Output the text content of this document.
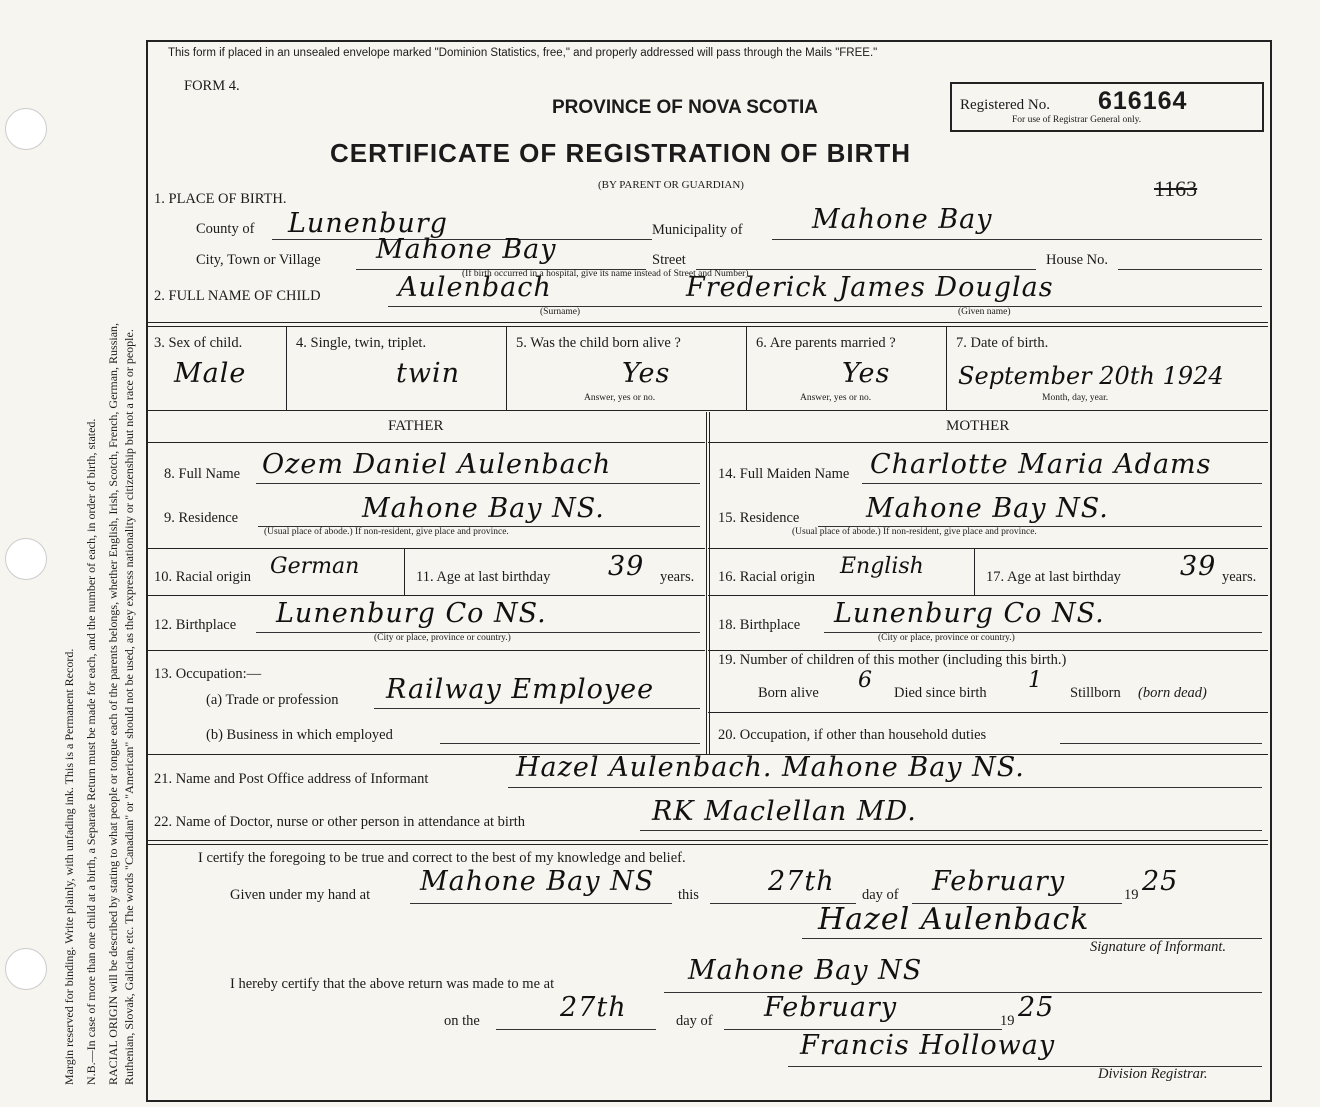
Margin reserved for binding. Write plainly, with unfading ink. This is a Permanent Record. N.B.—In case of more than one child at a birth, a Separate Return must be made for each, and the number of each, in order of birth, stated. RACIAL ORIGIN will be described by stating to what people or tongue each of the parents belongs, whether English, Irish, Scotch, French, German, Russian, Ruthenian, Slovak, Galician, etc. The words "Canadian" or "American" should not be used, as they express nationality or citizenship but not a race or people.
This form if placed in an unsealed envelope marked "Dominion Statistics, free," and properly addressed will pass through the Mails "FREE."
FORM 4.
PROVINCE OF NOVA SCOTIA
CERTIFICATE OF REGISTRATION OF BIRTH
(BY PARENT OR GUARDIAN)
Registered No. 616164
For use of Registrar General only.
1163
1. PLACE OF BIRTH.
County of Lunenburg	Municipality of	Mahone Bay
City, Town or Village Mahone Bay	Street	House No.
(If birth occurred in a hospital, give its name instead of Street and Number)
2. FULL NAME OF CHILD	Aulenbach	Frederick James Douglas
(Surname)	(Given name)
3. Sex of child.	4. Single, twin, triplet.	5. Was the child born alive ?	6. Are parents married ?	7. Date of birth.
Male	twin	Yes	Yes	September 20th 1924
Answer, yes or no.	Answer, yes or no.	Month, day, year.
FATHER
8. Full Name Ozem Daniel Aulenbach
9. Residence	Mahone Bay NS.
(Usual place of abode.) If non-resident, give place and province.
10. Racial origin German	11. Age at last birthday 39 years.
12. Birthplace Lunenburg Co NS.
(City or place, province or country.)
13. Occupation:—
(a) Trade or profession Railway Employee
(b) Business in which employed
MOTHER
14. Full Maiden Name Charlotte Maria Adams
15. Residence Mahone Bay NS.
(Usual place of abode.) If non-resident, give place and province.
16. Racial origin English	17. Age at last birthday 39 years.
18. Birthplace Lunenburg Co NS.
(City or place, province or country.)
19. Number of children of this mother (including this birth.)
Born alive 6 Died since birth 1 Stillborn (born dead)
20. Occupation, if other than household duties
21. Name and Post Office address of Informant	Hazel Aulenbach. Mahone Bay NS.
22. Name of Doctor, nurse or other person in attendance at birth	RK Maclellan MD.
I certify the foregoing to be true and correct to the best of my knowledge and belief.
Given under my hand at Mahone Bay NS this	27th day of February	19 25
Hazel Aulenback
Signature of Informant.
I hereby certify that the above return was made to me at	Mahone Bay NS
on the	27th	day of February	19 25
Francis Holloway
Division Registrar.
